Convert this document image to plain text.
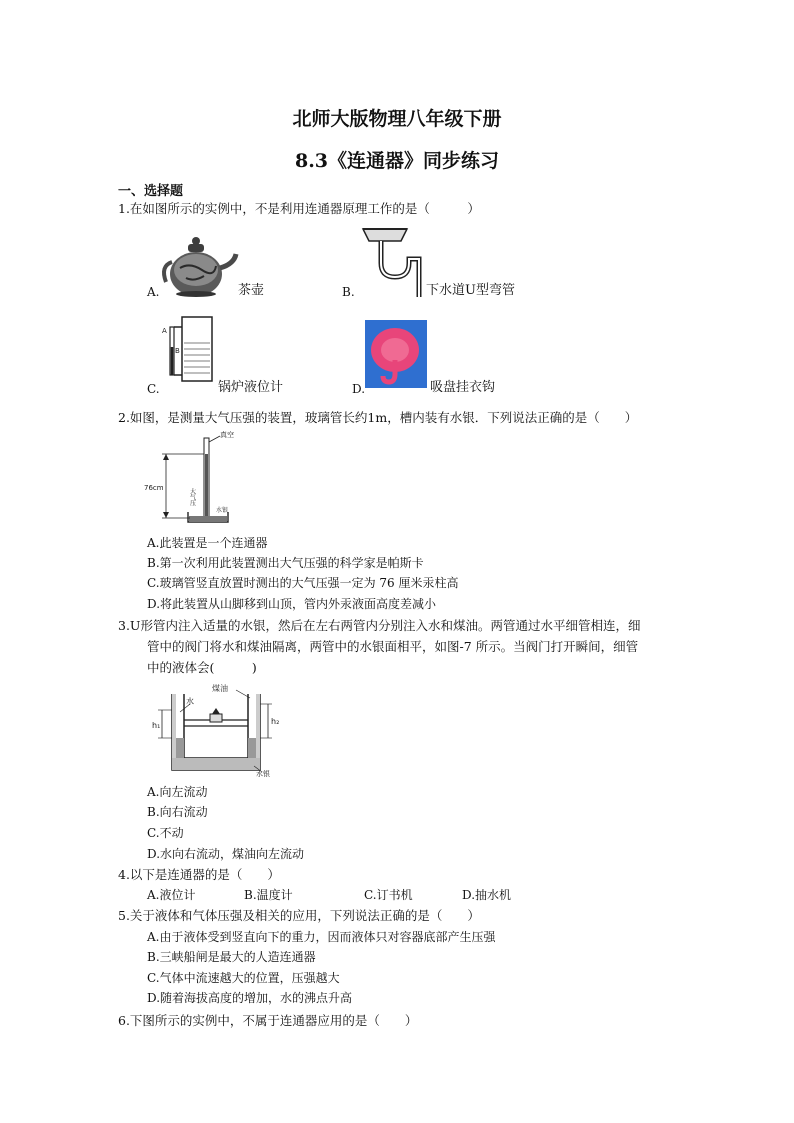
北师大版物理八年级下册
8.3《连通器》同步练习
一、选择题
1.在如图所示的实例中，不是利用连通器原理工作的是（　　　）
A.	茶壶	B.	下水道U型弯管
A
B
C.	锅炉液位计	D.	吸盘挂衣钩
2.如图，是测量大气压强的装置，玻璃管长约1m，槽内装有水银．下列说法正确的是（　　）
真空
76cm	大气压
水银
A.此装置是一个连通器
B.第一次利用此装置测出大气压强的科学家是帕斯卡
C.玻璃管竖直放置时测出的大气压强一定为 76 厘米汞柱高
D.将此装置从山脚移到山顶，管内外汞液面高度差减小
3.U形管内注入适量的水银，然后在左右两管内分别注入水和煤油。两管通过水平细管相连，细
管中的阀门将水和煤油隔离，两管中的水银面相平，如图-7 所示。当阀门打开瞬间，细管
中的液体会(　　　)
h₁	h₂
煤油
水
水银
A.向左流动
B.向右流动
C.不动
D.水向右流动，煤油向左流动
4.以下是连通器的是（　　）
A.液位计	B.温度计	C.订书机	D.抽水机
5.关于液体和气体压强及相关的应用，下列说法正确的是（　　）
A.由于液体受到竖直向下的重力，因而液体只对容器底部产生压强
B.三峡船闸是最大的人造连通器
C.气体中流速越大的位置，压强越大
D.随着海拔高度的增加，水的沸点升高
6.下图所示的实例中，不属于连通器应用的是（　　）
